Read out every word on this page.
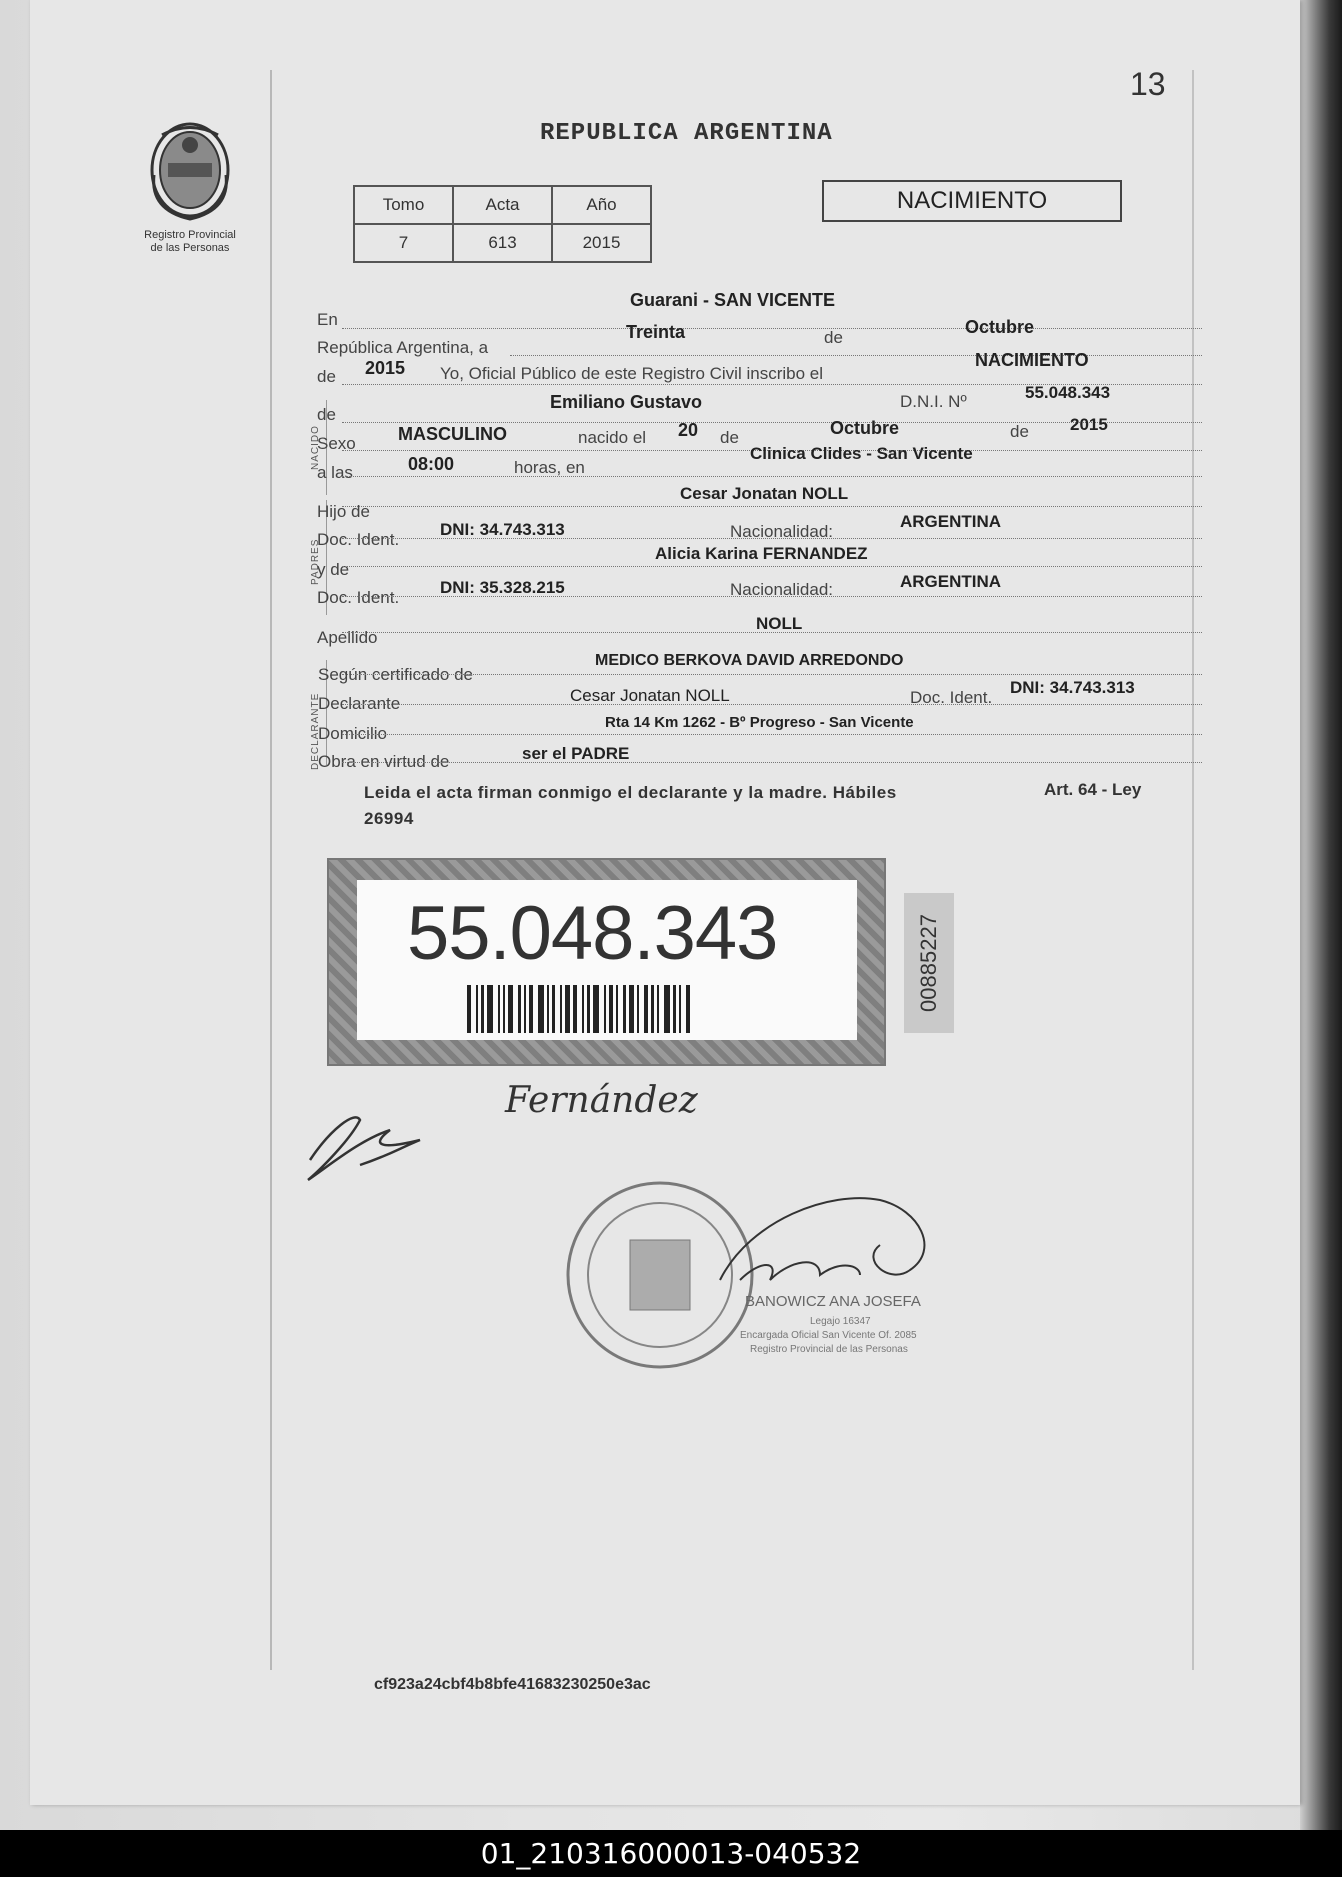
13
Registro Provincial
de las Personas
REPUBLICA ARGENTINA
Tomo	Acta	Año
7	613	2015
NACIMIENTO
En
Guarani - SAN VICENTE
República Argentina, a
Treinta	de
Octubre
de 2015 Yo, Oficial Público de este Registro Civil inscribo el
NACIMIENTO
NACIDO
de
Emiliano Gustavo	D.N.I. Nº	55.048.343
Sexo MASCULINO	nacido el 20 de	Octubre	de 2015
a las	08:00	horas, en
Clinica Clides - San Vicente
PADRES
Hijo de
Cesar Jonatan NOLL
Doc. Ident.
DNI: 34.743.313	Nacionalidad:
ARGENTINA
y de
Alicia Karina FERNANDEZ
Doc. Ident.
DNI: 35.328.215	Nacionalidad:	ARGENTINA
Apellido
NOLL
DECLARANTE
Según certificado de
MEDICO BERKOVA DAVID ARREDONDO
Declarante	Cesar Jonatan NOLL	Doc. Ident.
DNI: 34.743.313
Domicilio
Rta 14 Km 1262 - Bº Progreso - San Vicente
Obra en virtud de	ser el PADRE
Leida el acta firman conmigo el declarante y la madre. Hábiles
26994
Art. 64 - Ley
55.048.343	00885227
Fernández
BANOWICZ ANA JOSEFA
Legajo 16347
Encargada Oficial San Vicente Of. 2085
Registro Provincial de las Personas
cf923a24cbf4b8bfe41683230250e3ac
01_210316000013-040532
